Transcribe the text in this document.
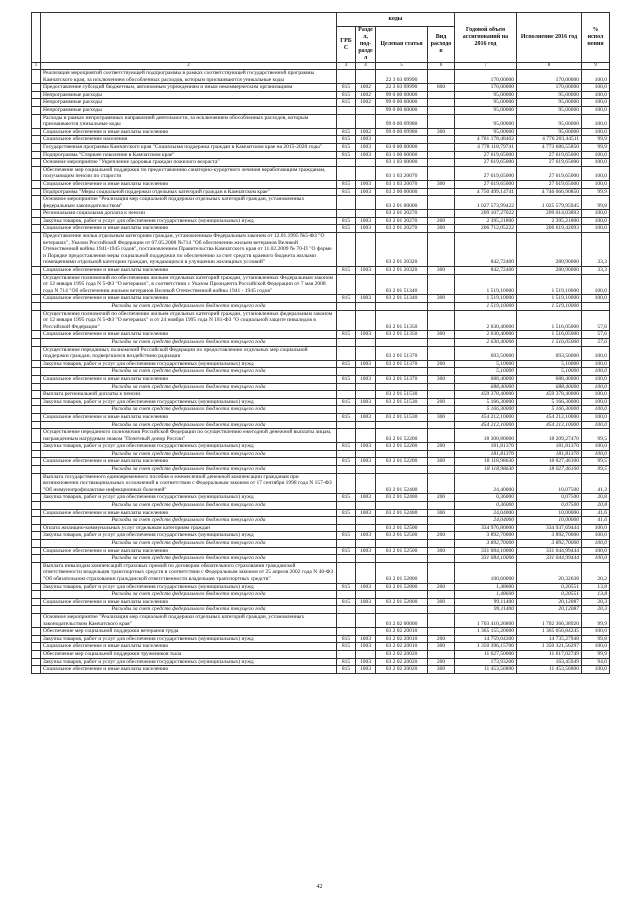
		коды				Годовой объем ассигнований на 2016 год	Исполнение 2016 год	% испол нения
		ГРБС	Раздел, под-раздел	Целевая статья	Вид расходов			
1	2	3	4	5	6	7	8	9
	Реализация мероприятий соответствующей подпрограммы в рамках соответствующей государственной программы Камчатского края, за исключением обособленных расходов, которым присваиваются уникальные коды			22 3 03 09990		170,00000	170,00000	100,0
	Предоставление субсидий бюджетным, автономным учреждениям и иным некоммерческим организациям	815	1002	22 3 03 09990	600	170,00000	170,00000	100,0
	Непрограммные расходы	815	1002	99 0 00 00000		95,00000	95,00000	100,0
	Непрограммные расходы	815	1002	99 0 00 00000		95,00000	95,00000	100,0
	Непрограммные расходы			99 0 00 00000		95,00000	95,00000	100,0
	Расходы в рамках непрограммных направлений деятельности, за исключением обособленных расходов, которым присваиваются уникальные коды			99 0 00 09980		95,00000	95,00000	100,0
	Социальное обеспечение и иные выплаты населению	815	1002	99 0 00 09980	300	95,00000	95,00000	100,0
	Социальное обеспечение населения	815	1003			4 781 178,48402	4 776 203,44511	99,9
	Государственная программа Камчатского края "Социальная поддержка граждан в Камчатском крае на 2015-2020 годы"	815	1003	03 0 00 00000		4 778 118,79741	4 773 686,55850	99,9
	Подпрограмма "Старшее поколение в Камчатском крае"	815	1003	03 1 00 00000		27 619,65000	27 619,65000	100,0
	Основное мероприятие "Укрепление здоровья граждан пожилого возраста"			03 1 03 00000		27 619,65000	27 619,65000	100,0
	Обеспечение мер социальной поддержки по предоставлению санаторно-курортного лечения неработающим гражданам, получающим пенсии по старости			03 1 03 20070		27 619,65000	27 619,65000	100,0
	Социальное обеспечение и иные выплаты населению	815	1003	03 1 03 20070	300	27 619,65000	27 619,65000	100,0
	Подпрограмма "Меры социальной поддержки отдельных категорий граждан в Камчатском крае"	815	1003	03 2 00 00000		4 750 499,14741	4 746 066,90850	99,9
	Основное мероприятие "Реализация мер социальной поддержки отдельных категорий граждан, установленных федеральным законодательством"			03 2 01 00000		1 027 573,99422	1 025 579,95945	99,8
	Региональная социальная доплата к пенсии			03 2 01 20270		209 107,27022	209 014,03893	100,0
	Закупка товаров, работ и услуг для обеспечения государственных (муниципальных) нужд	815	1003	03 2 01 20270	200	2 395,21800	2 395,21800	100,0
	Социальное обеспечение и иные выплаты населению	815	1003	03 2 01 20270	300	206 712,05222	206 619,42093	100,0
	Предоставление жилья отдельным категориям граждан, установленным Федеральным законом от 12.01.1995 №5-ФЗ "О ветеранах", Указом Российской Федерации от 07.05.2008 №714 "Об обеспечении жильем ветеранов Великой Отечественной войны 1941-1945 годов", постановлением Правительства Камчатского края от 11.02.2009 № 70-П "О форме и Порядке предоставления меры социальной поддержки по обеспечению за счет средств краевого бюджета жилыми помещениями отдельной категории граждан, нуждающихся в улучшении жилищных условий"			03 2 01 20320		842,72400	280,90000	33,3
	Социальное обеспечение и иные выплаты населению	815	1003	03 2 01 20320	300	842,72400	280,90000	33,3
	Осуществление полномочий по обеспечению жильем отдельных категорий граждан, установленных Федеральным законом от 12 января 1995 года N 5-ФЗ "О ветеранах", в соответствии с Указом Президента Российской Федерации от 7 мая 2008 года N 714 "Об обеспечении жильем ветеранов Великой Отечественной войны 1941 - 1945 годов"			03 2 01 51340		1 519,10000	1 519,10000	100,0
	Социальное обеспечение и иные выплаты населению	815	1003	03 2 01 51340	300	1 519,10000	1 519,10000	100,0
	Расходы за счет средств федерального бюджета текущего года					1 519,10000	1 519,10000	
	Осуществление полномочий по обеспечению жильем отдельных категорий граждан, установленных федеральным законом от 12 января 1995 года N 5-ФЗ "О ветеранах" и от 24 ноября 1995 года N 181-ФЗ "О социальной защите инвалидов в Российской Федерации"			03 2 01 51350		2 630,40000	1 516,05000	57,6
	Социальное обеспечение и иные выплаты населению	815	1003	03 2 01 51350	300	2 630,40000	1 516,05000	57,6
	Расходы за счет средств федерального бюджета текущего года					2 630,40000	1 516,05000	57,6
	Осуществление переданных полномочий Российской Федерации по предоставлению отдельных мер социальной поддержки граждан, подвергшихся воздействию радиации			03 2 01 51370		693,50000	693,50000	100,0
	Закупка товаров, работ и услуг для обеспечения государственных (муниципальных) нужд	815	1003	03 2 01 51370	200	5,10000	5,10000	100,0
	Расходы за счет средств федерального бюджета текущего года					5,10000	5,10000	100,0
	Социальное обеспечение и иные выплаты населению	815	1003	03 2 01 51370	300	688,40000	688,40000	100,0
	Расходы за счет средств федерального бюджета текущего года					688,40000	688,40000	100,0
	Выплата региональной доплаты к пенсии			03 2 01 51530		459 378,40000	459 378,40000	100,0
	Закупка товаров, работ и услуг для обеспечения государственных (муниципальных) нужд	815	1003	03 2 01 51530	200	5 166,30000	5 166,30000	100,0
	Расходы за счет средств федерального бюджета текущего года					5 166,30000	5 166,30000	100,0
	Социальное обеспечение и иные выплаты населению	815	1003	03 2 01 51530	300	454 212,10000	454 212,10000	100,0
	Расходы за счет средств федерального бюджета текущего года					454 212,10000	454 212,10000	100,0
	Осуществление переданного полномочия Российской Федерации по осуществлению ежегодной денежной выплаты лицам, награжденным нагрудным знаком "Почетный донор России"			03 2 01 52200		18 300,80000	18 209,27470	99,5
	Закупка товаров, работ и услуг для обеспечения государственных (муниципальных) нужд	815	1003	03 2 01 52200	200	181,81370	181,81370	100,0
	Расходы за счет средств федерального бюджета текущего года					181,81370	181,81370	100,0
	Социальное обеспечение и иные выплаты населению	815	1003	03 2 01 52200	300	18 118,98630	18 027,46100	99,5
	Расходы за счет средств федерального бюджета текущего года					18 118,98630	18 027,46100	99,5
	Выплата государственного единовременного пособия и ежемесячной денежной компенсации гражданам при возникновении поствакцинальных осложнений в соответствии с Федеральным законом от 17 сентября 1998 года N 157-ФЗ "Об иммунопрофилактике инфекционных болезней"			03 2 01 52400		24,40000	10,07500	41,3
	Закупка товаров, работ и услуг для обеспечения государственных (муниципальных) нужд	815	1003	03 2 01 52400	200	0,36000	0,07500	20,8
	Расходы за счет средств федерального бюджета текущего года					0,36000	0,07500	20,8
	Социальное обеспечение и иные выплаты населению	815	1003	03 2 01 52400	300	24,04000	10,00000	41,6
	Расходы за счет средств федерального бюджета текущего года					24,04000	10,00000	41,6
	Оплата жилищно-коммунальных услуг отдельным категориям граждан			03 2 01 52500		334 976,80000	334 937,69444	100,0
	Закупка товаров, работ и услуг для обеспечения государственных (муниципальных) нужд	815	1003	03 2 01 52500	200	3 892,70000	3 892,70000	100,0
	Расходы за счет средств федерального бюджета текущего года					3 892,70000	3 892,70000	100,0
	Социальное обеспечение и иные выплаты населению	815	1003	03 2 01 52500	300	331 084,10000	331 044,99444	100,0
	Расходы за счет средств федерального бюджета текущего года					331 084,10000	331 044,99444	100,0
	Выплата инвалидам компенсаций страховых премий по договорам обязательного страхования гражданской ответственности владельцев транспортных средств в соответствии с Федеральным законом от 25 апреля 2002 года N 40-ФЗ "Об обязательном страховании гражданской ответственности владельцев транспортных средств"			03 2 01 52800		100,60000	20,32638	20,2
	Закупка товаров, работ и услуг для обеспечения государственных (муниципальных) нужд	815	1003	03 2 01 52800	200	1,48600	0,20551	13,8
	Расходы за счет средств федерального бюджета текущего года					1,48600	0,20551	13,8
	Социальное обеспечение и иные выплаты населению	815	1003	03 2 01 52800	300	99,11400	20,12087	20,3
	Расходы за счет средств федерального бюджета текущего года					99,11400	20,12087	20,3
	Основное мероприятие "Реализация мер социальной поддержки отдельных категорий граждан, установленных законодательством Камчатского края"			03 2 02 00000		1 703 410,26800	1 702 366,38920	99,9
	Обеспечение мер социальной поддержки ветеранов труда			03 2 02 20010		1 365 155,20000	1 365 056,84245	100,0
	Закупка товаров, работ и услуг для обеспечения государственных (муниципальных) нужд	815	1003	03 2 02 20010	200	14 759,04300	14 735,27948	99,8
	Социальное обеспечение и иные выплаты населению	815	1003	03 2 02 20010	300	1 350 396,15700	1 350 321,56297	100,0
	Обеспечение мер социальной поддержки тружеников тыла			03 2 02 20020		11 627,50000	11 617,02749	99,9
	Закупка товаров, работ и услуг для обеспечения государственных (муниципальных) нужд	815	1003	03 2 02 20020	200	173,93200	163,45949	94,0
	Социальное обеспечение и иные выплаты населению	815	1003	03 2 02 20020	300	11 453,56800	11 453,56800	100,0
42
